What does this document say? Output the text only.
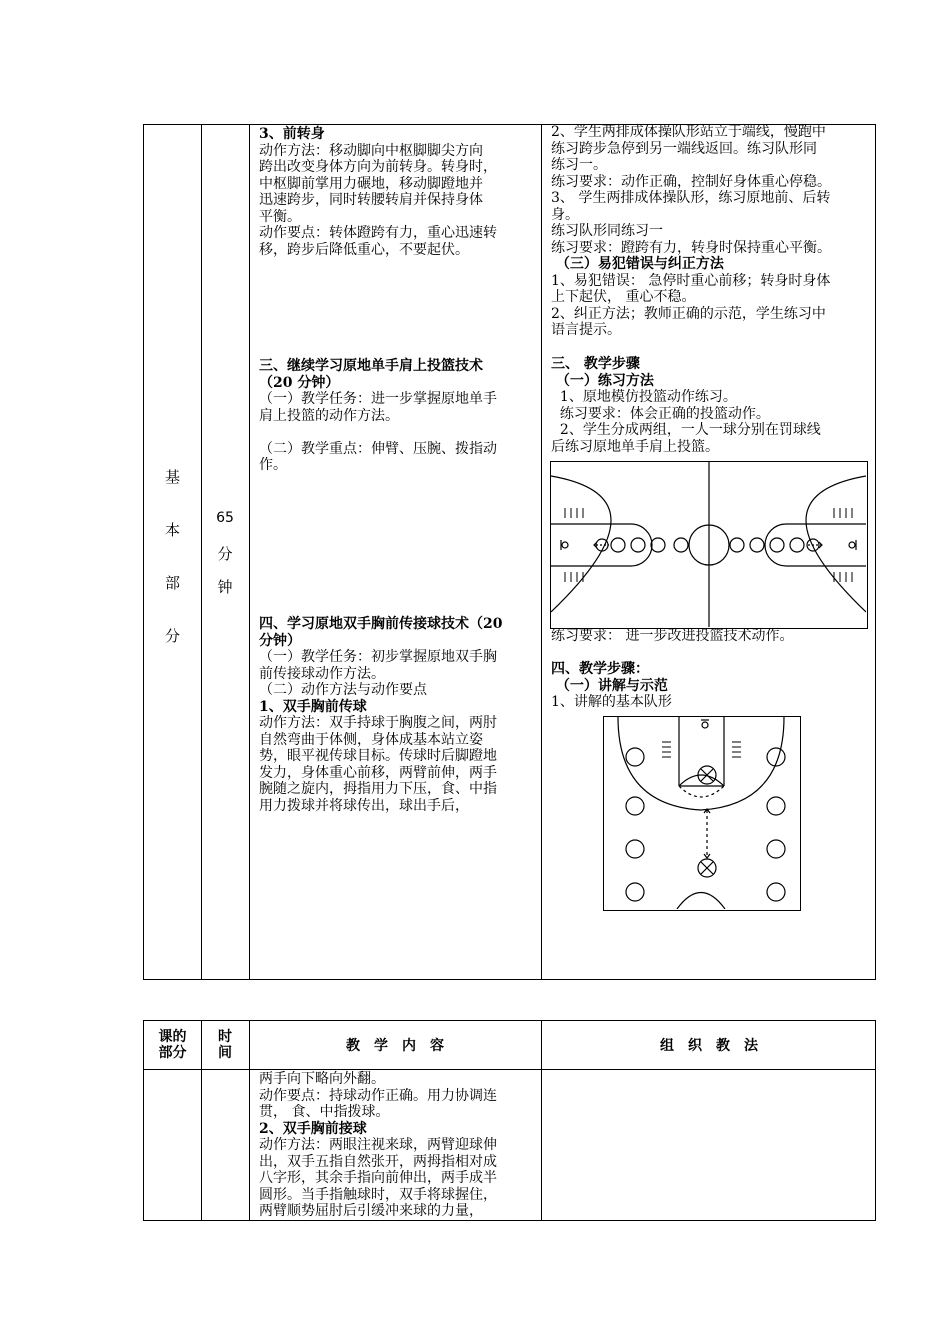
基
本
部
分
65
分
钟
3、前转身
动作方法：移动脚向中枢脚脚尖方向
跨出改变身体方向为前转身。转身时，
中枢脚前掌用力碾地，移动脚蹬地并
迅速跨步，同时转腰转肩并保持身体
平衡。
动作要点：转体蹬跨有力，重心迅速转
移，跨步后降低重心，不要起伏。
三、继续学习原地单手肩上投篮技术
（20 分钟）
（一）教学任务：进一步掌握原地单手
肩上投篮的动作方法。

（二）教学重点：伸臂、压腕、拨指动
作。
四、学习原地双手胸前传接球技术（20
分钟）
（一）教学任务：初步掌握原地双手胸
前传接球动作方法。
（二）动作方法与动作要点
1、双手胸前传球
动作方法：双手持球于胸腹之间，两肘
自然弯曲于体侧，身体成基本站立姿
势，眼平视传球目标。传球时后脚蹬地
发力，身体重心前移，两臂前伸，两手
腕随之旋内，拇指用力下压，食、中指
用力拨球并将球传出，球出手后，
2、学生两排成体操队形站立于端线，慢跑中
练习跨步急停到另一端线返回。练习队形同
练习一。
练习要求：动作正确，控制好身体重心停稳。
3、 学生两排成体操队形，练习原地前、后转
身。
练习队形同练习一
练习要求：蹬跨有力，转身时保持重心平衡。
（三）易犯错误与纠正方法
1、易犯错误： 急停时重心前移；转身时身体
上下起伏， 重心不稳。
2、纠正方法；教师正确的示范，学生练习中
语言提示。
三、 教学步骤
（一）练习方法
1、原地模仿投篮动作练习。
练习要求：体会正确的投篮动作。
2、学生分成两组，一人一球分别在罚球线
后练习原地单手肩上投篮。
练习要求： 进一步改进投篮技术动作。

四、教学步骤：
（一）讲解与示范
1、讲解的基本队形
课的
部分
时
间	教　学　内　容	组　织　教　法
两手向下略向外翻。
动作要点：持球动作正确。用力协调连
贯， 食、中指拨球。
2、双手胸前接球
动作方法：两眼注视来球，两臂迎球伸
出，双手五指自然张开，两拇指相对成
八字形，其余手指向前伸出，两手成半
圆形。当手指触球时，双手将球握住，
两臂顺势屈肘后引缓冲来球的力量，
